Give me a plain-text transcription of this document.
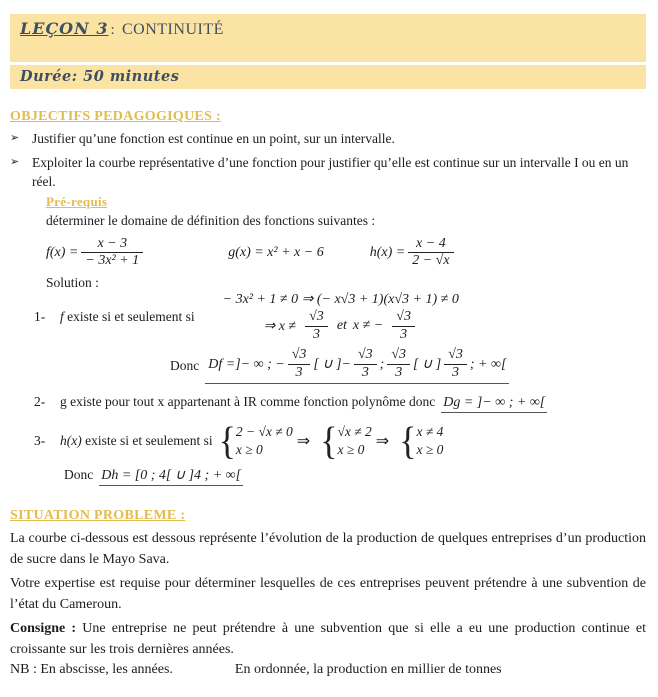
LEÇON 3 : CONTINUITÉ
Durée: 50 minutes

OBJECTIFS PEDAGOGIQUES :

➢ Justifier qu’une fonction est continue en un point, sur un intervalle.
➢ Exploiter la courbe représentative d’une fonction pour justifier qu’elle est continue sur un intervalle I ou en un réel.

Pré-requis

déterminer le domaine de définition des fonctions suivantes :
$f(x) = \frac{x - 3}{\text{− 3x² + 1}}$	g(x) = x² + x − 6	$h(x) = \frac{x - 4}{2 - √x}$
Solution :
1-	f existe si et seulement si
− 3x² + 1 ≠ 0 ⇒ (− x√3 + 1)(x√3 + 1) ≠ 0
⇒ $x \ne \frac{√3}{3}$ et x ≠ − $\frac{√3}{3}$
Donc Df = ]− ∞ ; − $\frac{√3}{3}$ [ ∪ ]− $\frac{√3}{3}$ ; $\frac{√3}{3}$ [ ∪ ] $\frac{√3}{3}$ ; + ∞[
2-	g existe pour tout x appartenant à IR comme fonction polynôme donc Dg = ]− ∞ ; + ∞[
3-	h(x) existe si et seulement si { 2 − √x ≠ 0
x ≥ 0	⇒ { √x ≠ 2
x ≥ 0 ⇒ { x ≠ 4
x ≥ 0
Donc Dh = [0 ; 4[ ∪ ]4 ; + ∞[

SITUATION PROBLEME :

La courbe ci-dessous est dessous représente l’évolution de la production de quelques entreprises d’un production de sucre dans le Mayo Sava.

Votre expertise est requise pour déterminer lesquelles de ces entreprises peuvent prétendre à une subvention de l’état du Cameroun.

Consigne : Une entreprise ne peut prétendre à une subvention que si elle a eu une production continue et croissante sur les trois dernières années.

NB : En abscisse, les années.	En ordonnée, la production en millier de tonnes
